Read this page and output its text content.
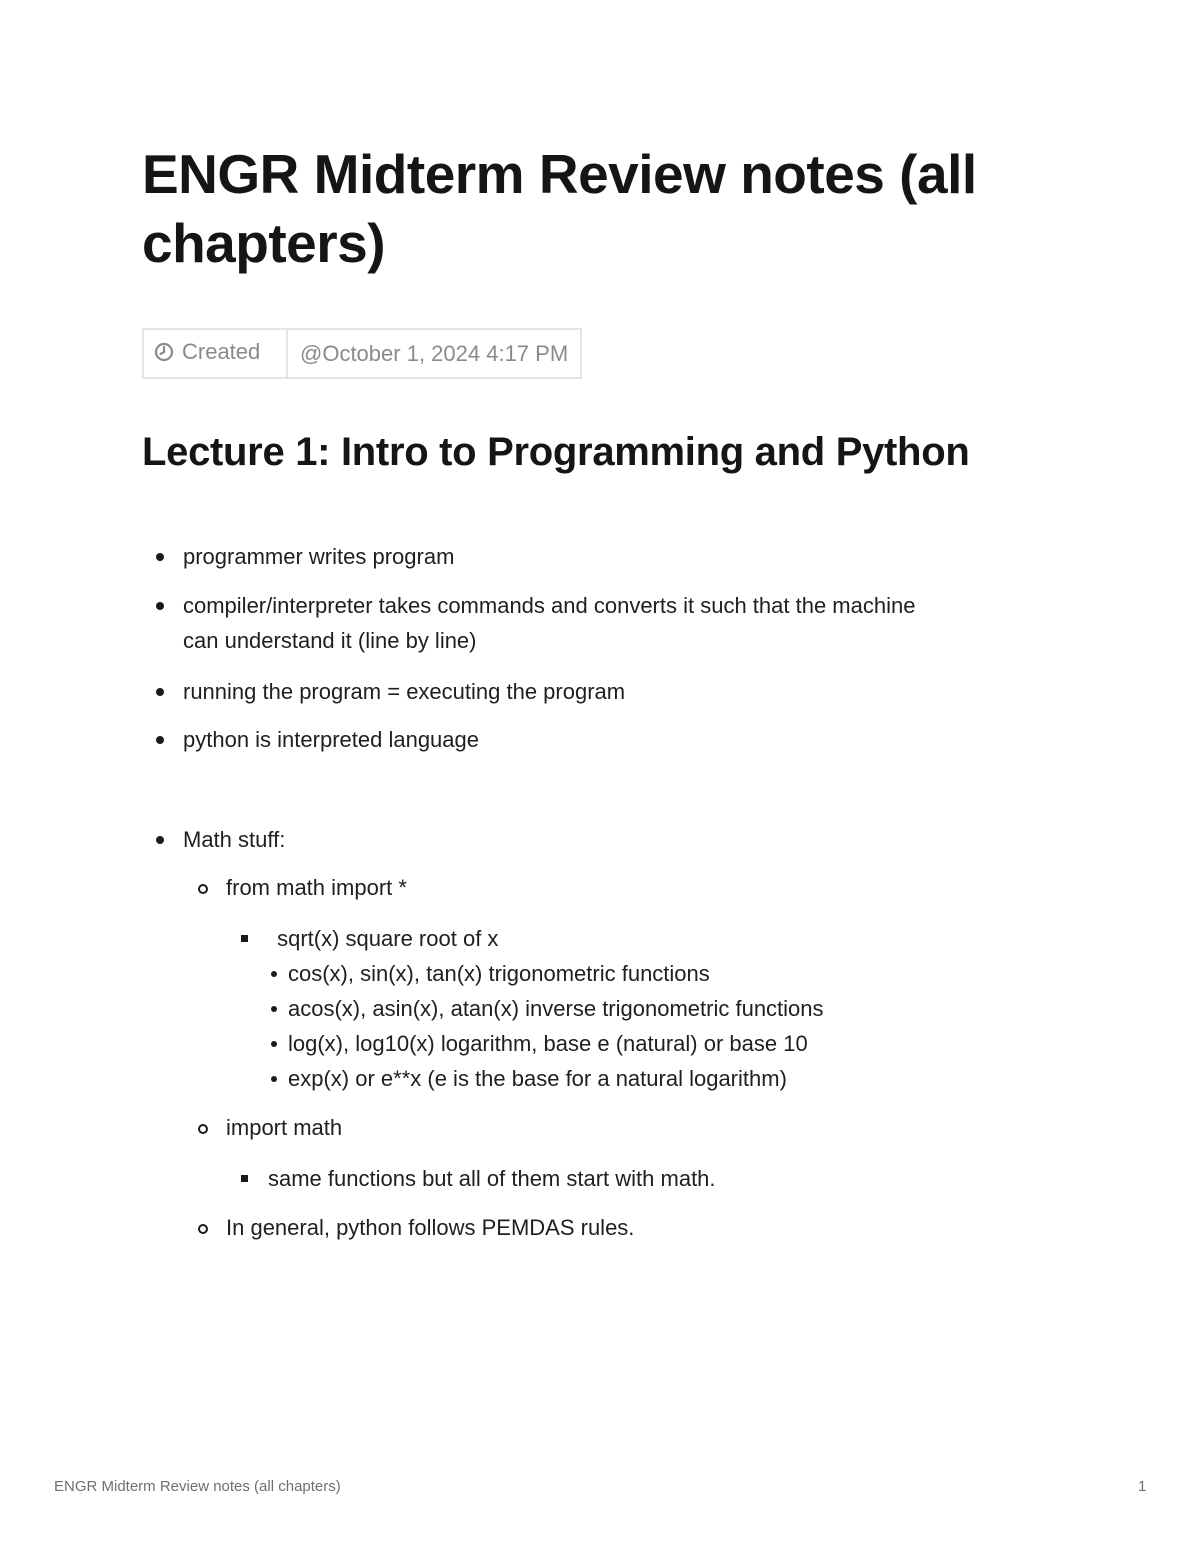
ENGR Midterm Review notes (all chapters)
Created	@October 1, 2024 4:17 PM
Lecture 1: Intro to Programming and Python
programmer writes program
compiler/interpreter takes commands and converts it such that the machine
can understand it (line by line)
running the program = executing the program
python is interpreted language
Math stuff:
from math import *
sqrt(x) square root of x
cos(x), sin(x), tan(x) trigonometric functions
acos(x), asin(x), atan(x) inverse trigonometric functions
log(x), log10(x) logarithm, base e (natural) or base 10
exp(x) or e**x (e is the base for a natural logarithm)
import math
same functions but all of them start with math.
In general, python follows PEMDAS rules.
ENGR Midterm Review notes (all chapters)	1
